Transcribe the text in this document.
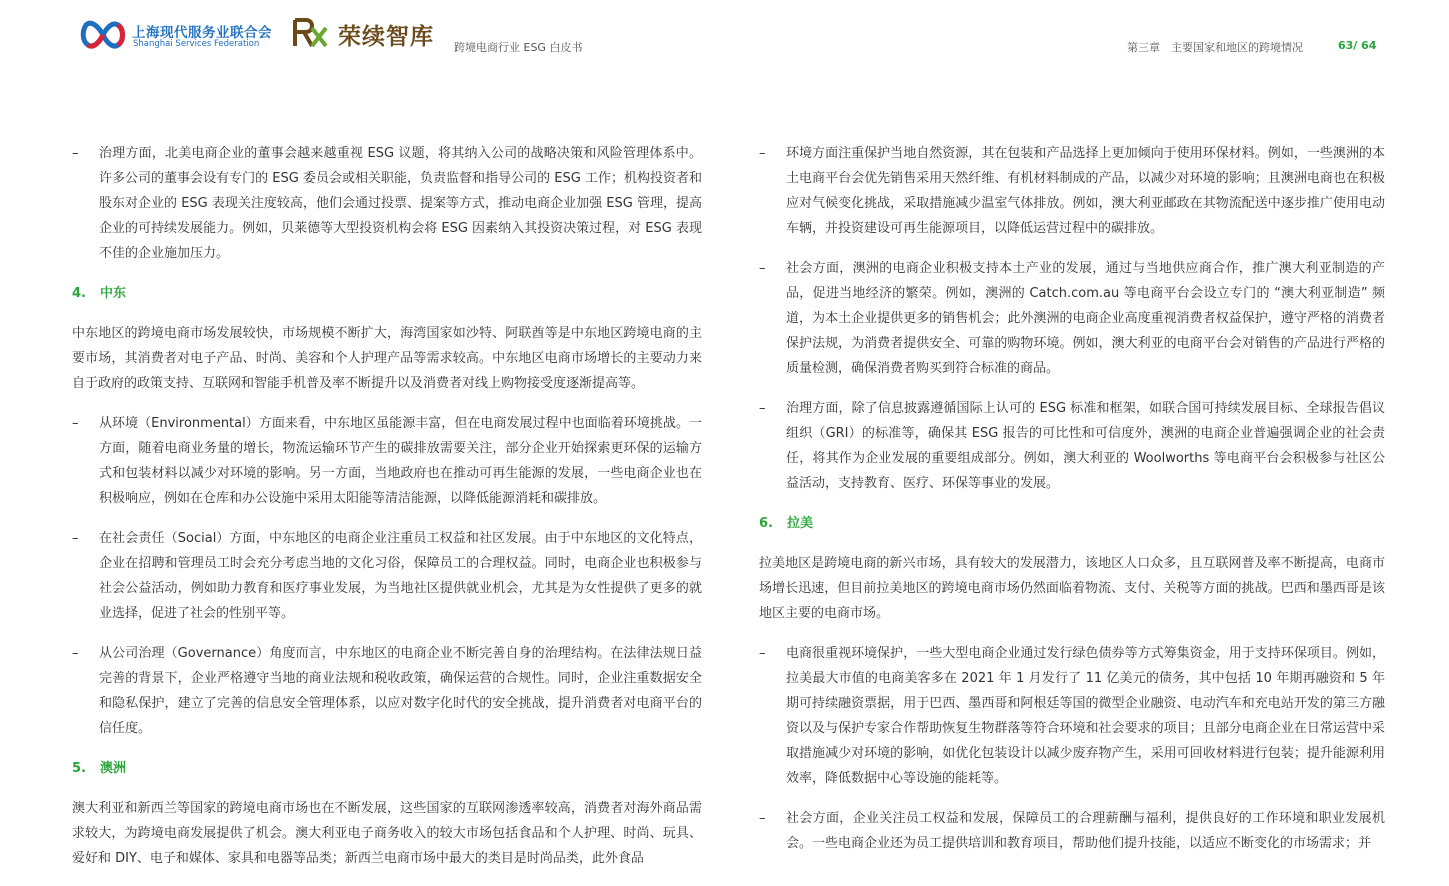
上海现代服务业联合会
Shanghai Services Federation	荣续智库 跨境电商行业 ESG 白皮书	第三章　主要国家和地区的跨境情况	63/ 64
– 治理方面，北美电商企业的董事会越来越重视 ESG 议题，将其纳入公司的战略决策和风险管理体系中。许多公司的董事会设有专门的 ESG 委员会或相关职能，负责监督和指导公司的 ESG 工作；机构投资者和股东对企业的 ESG 表现关注度较高，他们会通过投票、提案等方式，推动电商企业加强 ESG 管理，提高企业的可持续发展能力。例如，贝莱德等大型投资机构会将 ESG 因素纳入其投资决策过程，对 ESG 表现不佳的企业施加压力。
4. 中东
中东地区的跨境电商市场发展较快，市场规模不断扩大，海湾国家如沙特、阿联酋等是中东地区跨境电商的主要市场，其消费者对电子产品、时尚、美容和个人护理产品等需求较高。中东地区电商市场增长的主要动力来自于政府的政策支持、互联网和智能手机普及率不断提升以及消费者对线上购物接受度逐渐提高等。
– 从环境（Environmental）方面来看，中东地区虽能源丰富，但在电商发展过程中也面临着环境挑战。一方面，随着电商业务量的增长，物流运输环节产生的碳排放需要关注，部分企业开始探索更环保的运输方式和包装材料以减少对环境的影响。另一方面，当地政府也在推动可再生能源的发展，一些电商企业也在积极响应，例如在仓库和办公设施中采用太阳能等清洁能源，以降低能源消耗和碳排放。
– 在社会责任（Social）方面，中东地区的电商企业注重员工权益和社区发展。由于中东地区的文化特点，企业在招聘和管理员工时会充分考虑当地的文化习俗，保障员工的合理权益。同时，电商企业也积极参与社会公益活动，例如助力教育和医疗事业发展，为当地社区提供就业机会，尤其是为女性提供了更多的就业选择，促进了社会的性别平等。
– 从公司治理（Governance）角度而言，中东地区的电商企业不断完善自身的治理结构。在法律法规日益完善的背景下，企业严格遵守当地的商业法规和税收政策，确保运营的合规性。同时，企业注重数据安全和隐私保护，建立了完善的信息安全管理体系，以应对数字化时代的安全挑战，提升消费者对电商平台的信任度。
5. 澳洲
澳大利亚和新西兰等国家的跨境电商市场也在不断发展，这些国家的互联网渗透率较高，消费者对海外商品需求较大，为跨境电商发展提供了机会。澳大利亚电子商务收入的较大市场包括食品和个人护理、时尚、玩具、爱好和 DIY、电子和媒体、家具和电器等品类；新西兰电商市场中最大的类目是时尚品类，此外食品
– 环境方面注重保护当地自然资源，其在包装和产品选择上更加倾向于使用环保材料。例如，一些澳洲的本土电商平台会优先销售采用天然纤维、有机材料制成的产品，以减少对环境的影响；且澳洲电商也在积极应对气候变化挑战，采取措施减少温室气体排放。例如，澳大利亚邮政在其物流配送中逐步推广使用电动车辆，并投资建设可再生能源项目，以降低运营过程中的碳排放。
– 社会方面，澳洲的电商企业积极支持本土产业的发展，通过与当地供应商合作，推广澳大利亚制造的产品，促进当地经济的繁荣。例如，澳洲的 Catch.com.au 等电商平台会设立专门的 “澳大利亚制造” 频道，为本土企业提供更多的销售机会；此外澳洲的电商企业高度重视消费者权益保护，遵守严格的消费者保护法规，为消费者提供安全、可靠的购物环境。例如，澳大利亚的电商平台会对销售的产品进行严格的质量检测，确保消费者购买到符合标准的商品。
– 治理方面，除了信息披露遵循国际上认可的 ESG 标准和框架，如联合国可持续发展目标、全球报告倡议组织（GRI）的标准等，确保其 ESG 报告的可比性和可信度外，澳洲的电商企业普遍强调企业的社会责任，将其作为企业发展的重要组成部分。例如，澳大利亚的 Woolworths 等电商平台会积极参与社区公益活动，支持教育、医疗、环保等事业的发展。
6. 拉美
拉美地区是跨境电商的新兴市场，具有较大的发展潜力，该地区人口众多，且互联网普及率不断提高，电商市场增长迅速，但目前拉美地区的跨境电商市场仍然面临着物流、支付、关税等方面的挑战。巴西和墨西哥是该地区主要的电商市场。
– 电商很重视环境保护，一些大型电商企业通过发行绿色债券等方式筹集资金，用于支持环保项目。例如，拉美最大市值的电商美客多在 2021 年 1 月发行了 11 亿美元的债务，其中包括 10 年期再融资和 5 年期可持续融资票据，用于巴西、墨西哥和阿根廷等国的微型企业融资、电动汽车和充电站开发的第三方融资以及与保护专家合作帮助恢复生物群落等符合环境和社会要求的项目；且部分电商企业在日常运营中采取措施减少对环境的影响，如优化包装设计以减少废弃物产生，采用可回收材料进行包装；提升能源利用效率，降低数据中心等设施的能耗等。
– 社会方面，企业关注员工权益和发展，保障员工的合理薪酬与福利，提供良好的工作环境和职业发展机会。一些电商企业还为员工提供培训和教育项目，帮助他们提升技能，以适应不断变化的市场需求；并
